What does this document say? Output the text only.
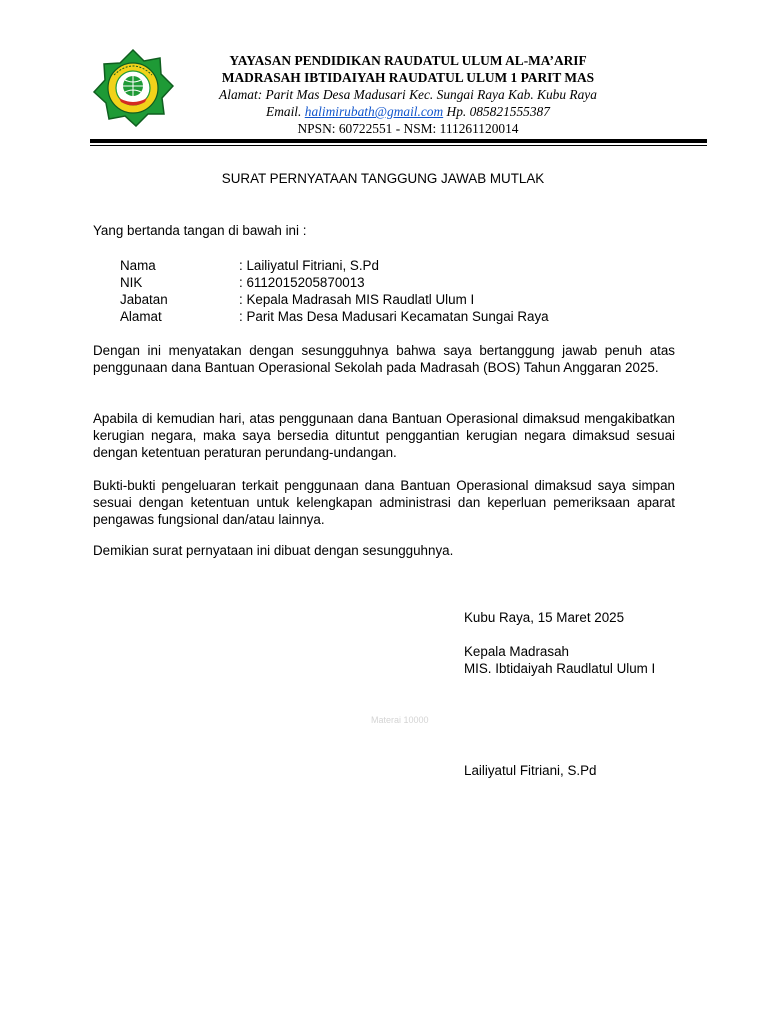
YAYASAN PENDIDIKAN RAUDATUL ULUM AL-MA’ARIF
MADRASAH IBTIDAIYAH RAUDATUL ULUM 1 PARIT MAS
Alamat: Parit Mas Desa Madusari Kec. Sungai Raya Kab. Kubu Raya
Email. halimirubath@gmail.com Hp. 085821555387
NPSN: 60722551 - NSM: 111261120014
SURAT PERNYATAAN TANGGUNG JAWAB MUTLAK
Yang bertanda tangan di bawah ini :
Nama	: Lailiyatul Fitriani, S.Pd
NIK	: 6112015205870013
Jabatan	: Kepala Madrasah MIS Raudlatl Ulum I
Alamat	: Parit Mas Desa Madusari Kecamatan Sungai Raya
Dengan ini menyatakan dengan sesungguhnya bahwa saya bertanggung jawab penuh atas penggunaan dana Bantuan Operasional Sekolah pada Madrasah (BOS) Tahun Anggaran 2025.
Apabila di kemudian hari, atas penggunaan dana Bantuan Operasional dimaksud mengakibatkan kerugian negara, maka saya bersedia dituntut penggantian kerugian negara dimaksud sesuai dengan ketentuan peraturan perundang-undangan.
Bukti-bukti pengeluaran terkait penggunaan dana Bantuan Operasional dimaksud saya simpan sesuai dengan ketentuan untuk kelengkapan administrasi dan keperluan pemeriksaan aparat pengawas fungsional dan/atau lainnya.
Demikian surat pernyataan ini dibuat dengan sesungguhnya.
Kubu Raya, 15 Maret 2025
Kepala Madrasah
MIS. Ibtidaiyah Raudlatul Ulum I
Materai 10000
Lailiyatul Fitriani, S.Pd
